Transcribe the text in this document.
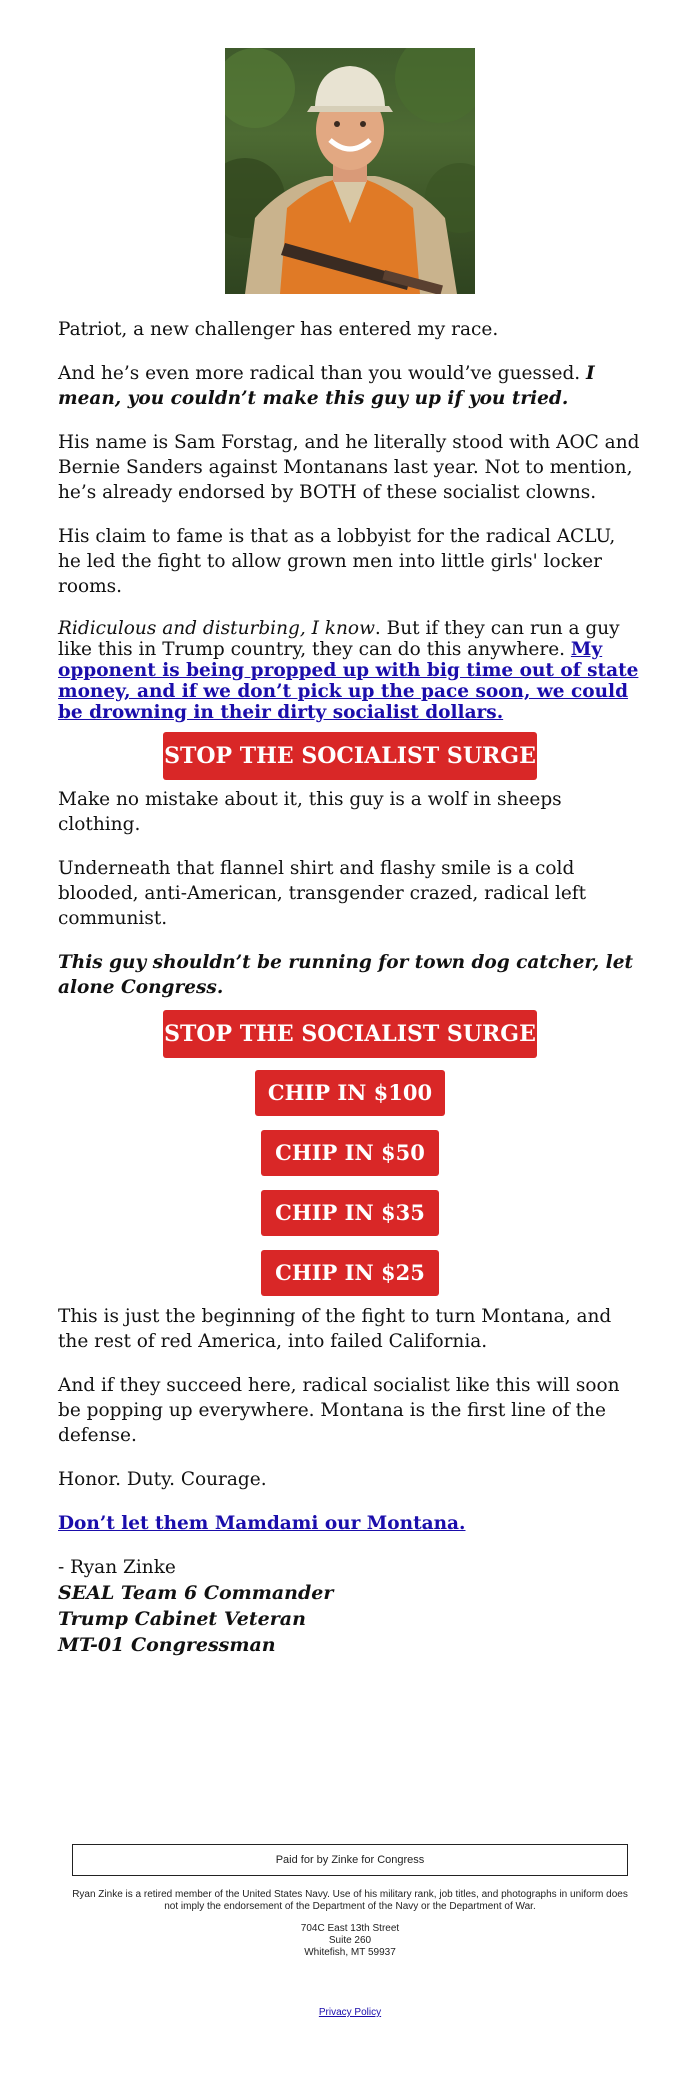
Patriot, a new challenger has entered my race.

And he’s even more radical than you would’ve guessed. I mean, you couldn’t make this guy up if you tried.

His name is Sam Forstag, and he literally stood with AOC and Bernie Sanders against Montanans last year. Not to mention, he’s already endorsed by BOTH of these socialist clowns.

His claim to fame is that as a lobbyist for the radical ACLU, he led the fight to allow grown men into little girls' locker rooms.

Ridiculous and disturbing, I know. But if they can run a guy like this in Trump country, they can do this anywhere. My opponent is being propped up with big time out of state money, and if we don’t pick up the pace soon, we could be drowning in their dirty socialist dollars.

STOP THE SOCIALIST SURGE

Make no mistake about it, this guy is a wolf in sheeps clothing.

Underneath that flannel shirt and flashy smile is a cold blooded, anti-American, transgender crazed, radical left communist.

This guy shouldn’t be running for town dog catcher, let alone Congress.

STOP THE SOCIALIST SURGE
CHIP IN $100
CHIP IN $50
CHIP IN $35
CHIP IN $25

This is just the beginning of the fight to turn Montana, and the rest of red America, into failed California.

And if they succeed here, radical socialist like this will soon be popping up everywhere. Montana is the first line of the defense.

Honor. Duty. Courage.

Don’t let them Mamdami our Montana.

- Ryan Zinke

SEAL Team 6 Commander

Trump Cabinet Veteran

MT-01 Congressman

Paid for by Zinke for Congress
Ryan Zinke is a retired member of the United States Navy. Use of his military rank, job titles, and photographs in uniform does not imply the endorsement of the Department of the Navy or the Department of War.
704C East 13th Street
Suite 260
Whitefish, MT 59937
Privacy Policy
